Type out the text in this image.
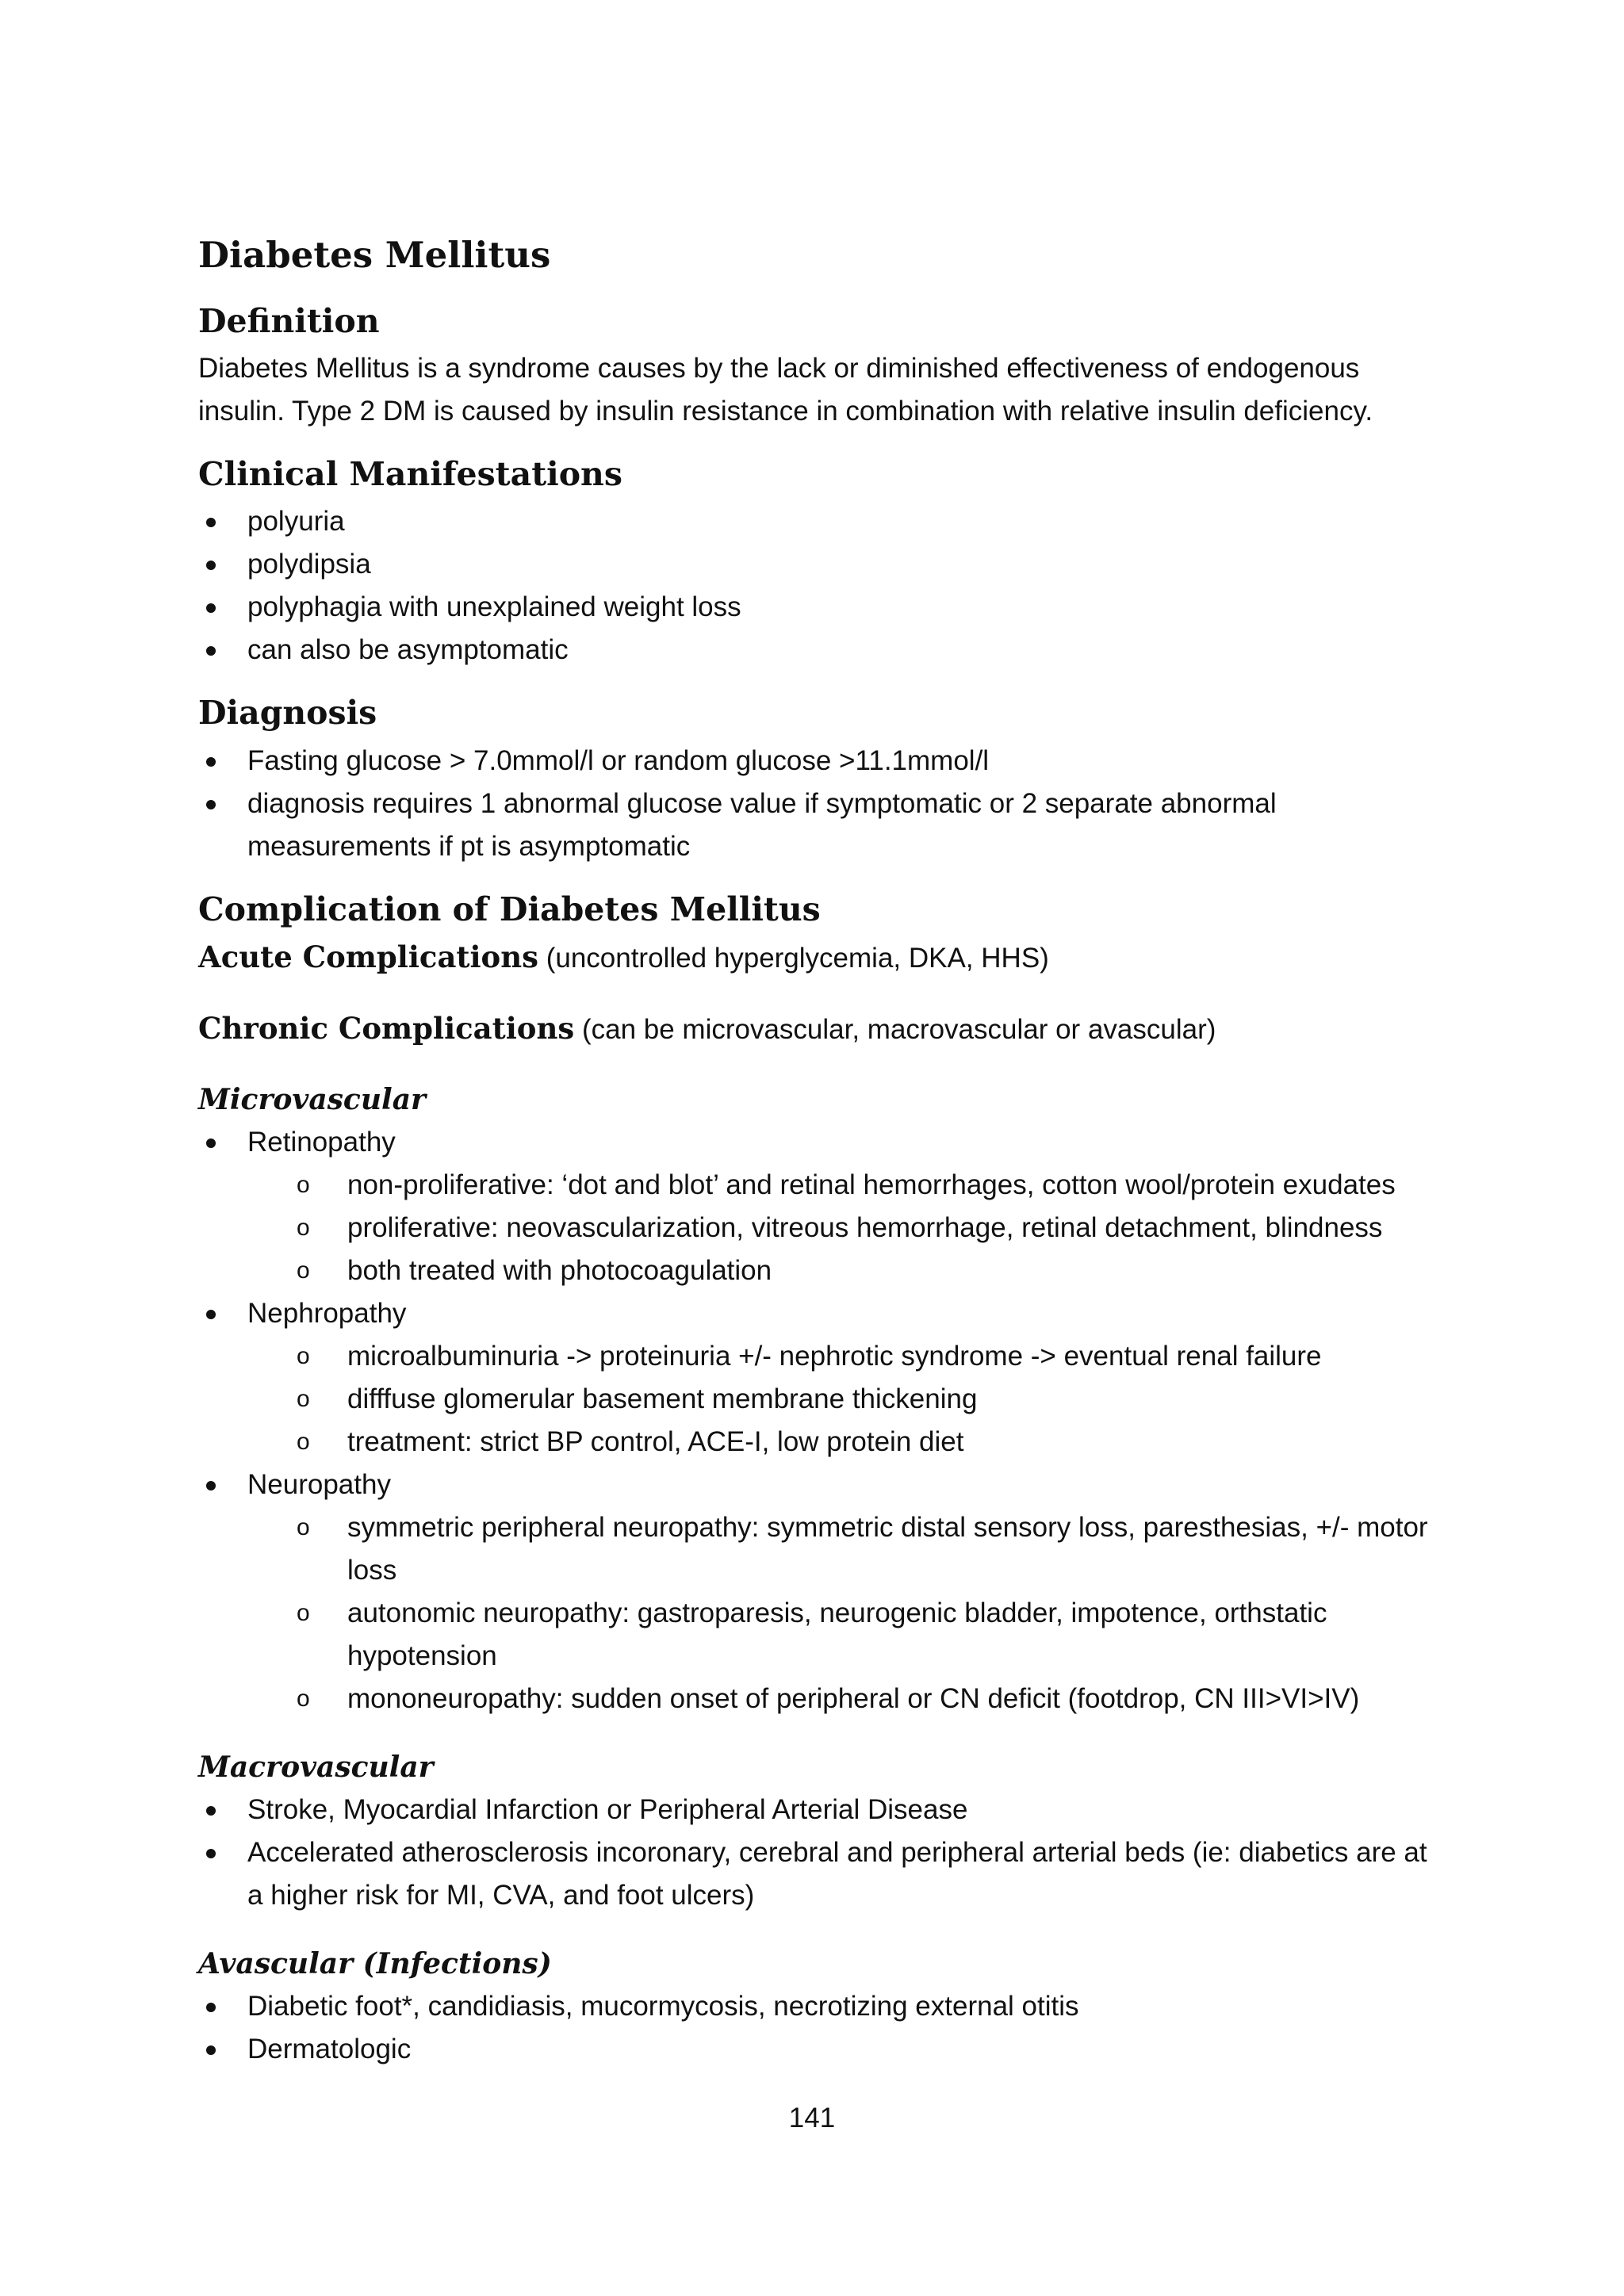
Diabetes Mellitus
Definition

Diabetes Mellitus is a syndrome causes by the lack or diminished effectiveness of endogenous

insulin. Type 2 DM is caused by insulin resistance in combination with relative insulin deficiency.

Clinical Manifestations
polyuria
polydipsia
polyphagia with unexplained weight loss
can also be asymptomatic
Diagnosis
Fasting glucose > 7.0mmol/l or random glucose >11.1mmol/l
diagnosis requires 1 abnormal glucose value if symptomatic or 2 separate abnormal
measurements if pt is asymptomatic
Complication of Diabetes Mellitus

Acute Complications (uncontrolled hyperglycemia, DKA, HHS)

Chronic Complications (can be microvascular, macrovascular or avascular)

Microvascular

Retinopathy
o non-proliferative: ‘dot and blot’ and retinal hemorrhages, cotton wool/protein exudates
o proliferative: neovascularization, vitreous hemorrhage, retinal detachment, blindness
o both treated with photocoagulation
Nephropathy
o microalbuminuria -> proteinuria +/- nephrotic syndrome -> eventual renal failure
o difffuse glomerular basement membrane thickening
o treatment: strict BP control, ACE-I, low protein diet
Neuropathy
o symmetric peripheral neuropathy: symmetric distal sensory loss, paresthesias, +/- motor
loss
o autonomic neuropathy: gastroparesis, neurogenic bladder, impotence, orthstatic
hypotension
o mononeuropathy: sudden onset of peripheral or CN deficit (footdrop, CN III>VI>IV)

Macrovascular

Stroke, Myocardial Infarction or Peripheral Arterial Disease
Accelerated atherosclerosis incoronary, cerebral and peripheral arterial beds (ie: diabetics are at
a higher risk for MI, CVA, and foot ulcers)

Avascular (Infections)

Diabetic foot*, candidiasis, mucormycosis, necrotizing external otitis
Dermatologic
141
